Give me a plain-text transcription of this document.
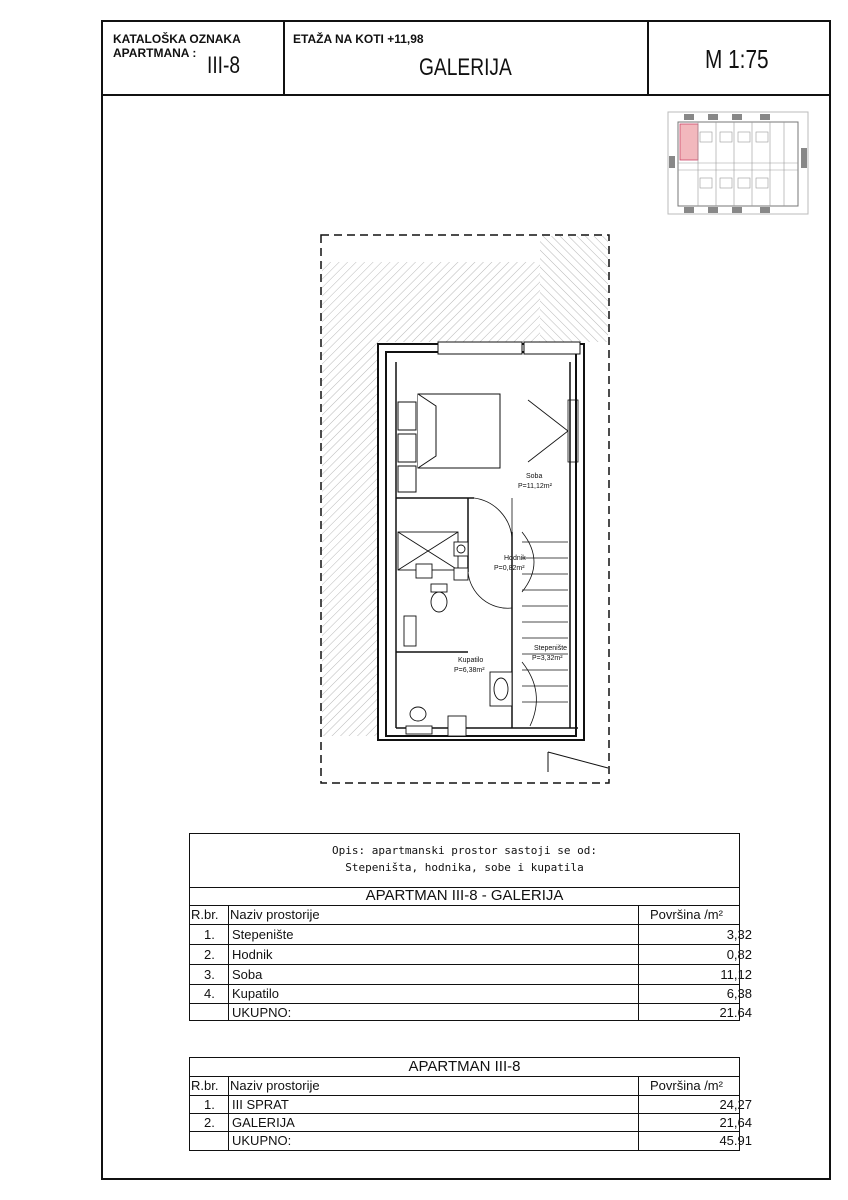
KATALOŠKA OZNAKA
APARTMANA : III-8
ETAŽA NA KOTI +11,98
GALERIJA	M 1:75
Soba
P=11,12m²
Hodnik
P=0,82m²
Stepenište
P=3,32m²
Kupatilo
P=6,38m²
Opis: apartmanski prostor sastoji se od:
Stepeništa, hodnika, sobe i kupatila
APARTMAN III-8 - GALERIJA
R.br. Naziv prostorije	Površina /m²
1. Stepenište	3,32
2. Hodnik	0,82
3. Soba	11,12
4. Kupatilo	6,38
UKUPNO:	21.64
APARTMAN III-8
R.br. Naziv prostorije	Površina /m²
1. III SPRAT	24,27
2. GALERIJA	21,64
UKUPNO:	45.91
